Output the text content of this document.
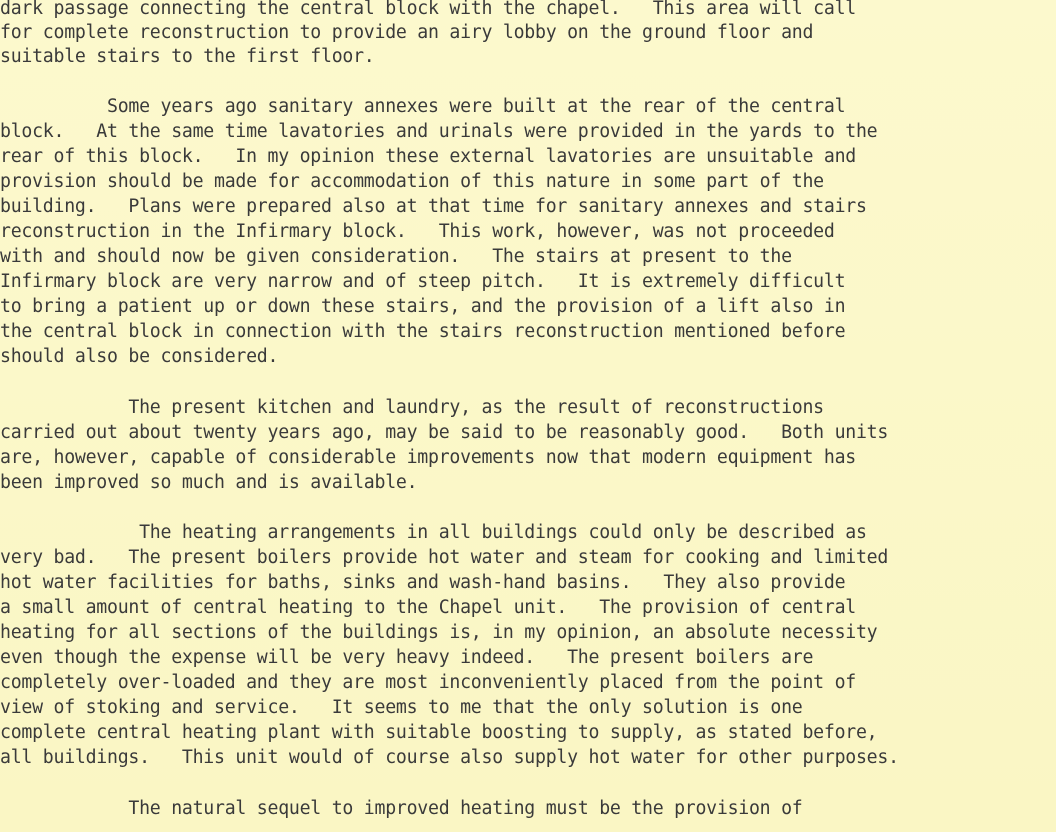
dark passage connecting the central block with the chapel.   This area will call
for complete reconstruction to provide an airy lobby on the ground floor and
suitable stairs to the first floor.
Some years ago sanitary annexes were built at the rear of the central
block.   At the same time lavatories and urinals were provided in the yards to the
rear of this block.   In my opinion these external lavatories are unsuitable and
provision should be made for accommodation of this nature in some part of the
building.   Plans were prepared also at that time for sanitary annexes and stairs
reconstruction in the Infirmary block.   This work, however, was not proceeded
with and should now be given consideration.   The stairs at present to the
Infirmary block are very narrow and of steep pitch.   It is extremely difficult
to bring a patient up or down these stairs, and the provision of a lift also in
the central block in connection with the stairs reconstruction mentioned before
should also be considered.
The present kitchen and laundry, as the result of reconstructions
carried out about twenty years ago, may be said to be reasonably good.   Both units
are, however, capable of considerable improvements now that modern equipment has
been improved so much and is available.
The heating arrangements in all buildings could only be described as
very bad.   The present boilers provide hot water and steam for cooking and limited
hot water facilities for baths, sinks and wash-hand basins.   They also provide
a small amount of central heating to the Chapel unit.   The provision of central
heating for all sections of the buildings is, in my opinion, an absolute necessity
even though the expense will be very heavy indeed.   The present boilers are
completely over-loaded and they are most inconveniently placed from the point of
view of stoking and service.   It seems to me that the only solution is one
complete central heating plant with suitable boosting to supply, as stated before,
all buildings.   This unit would of course also supply hot water for other purposes.
The natural sequel to improved heating must be the provision of
